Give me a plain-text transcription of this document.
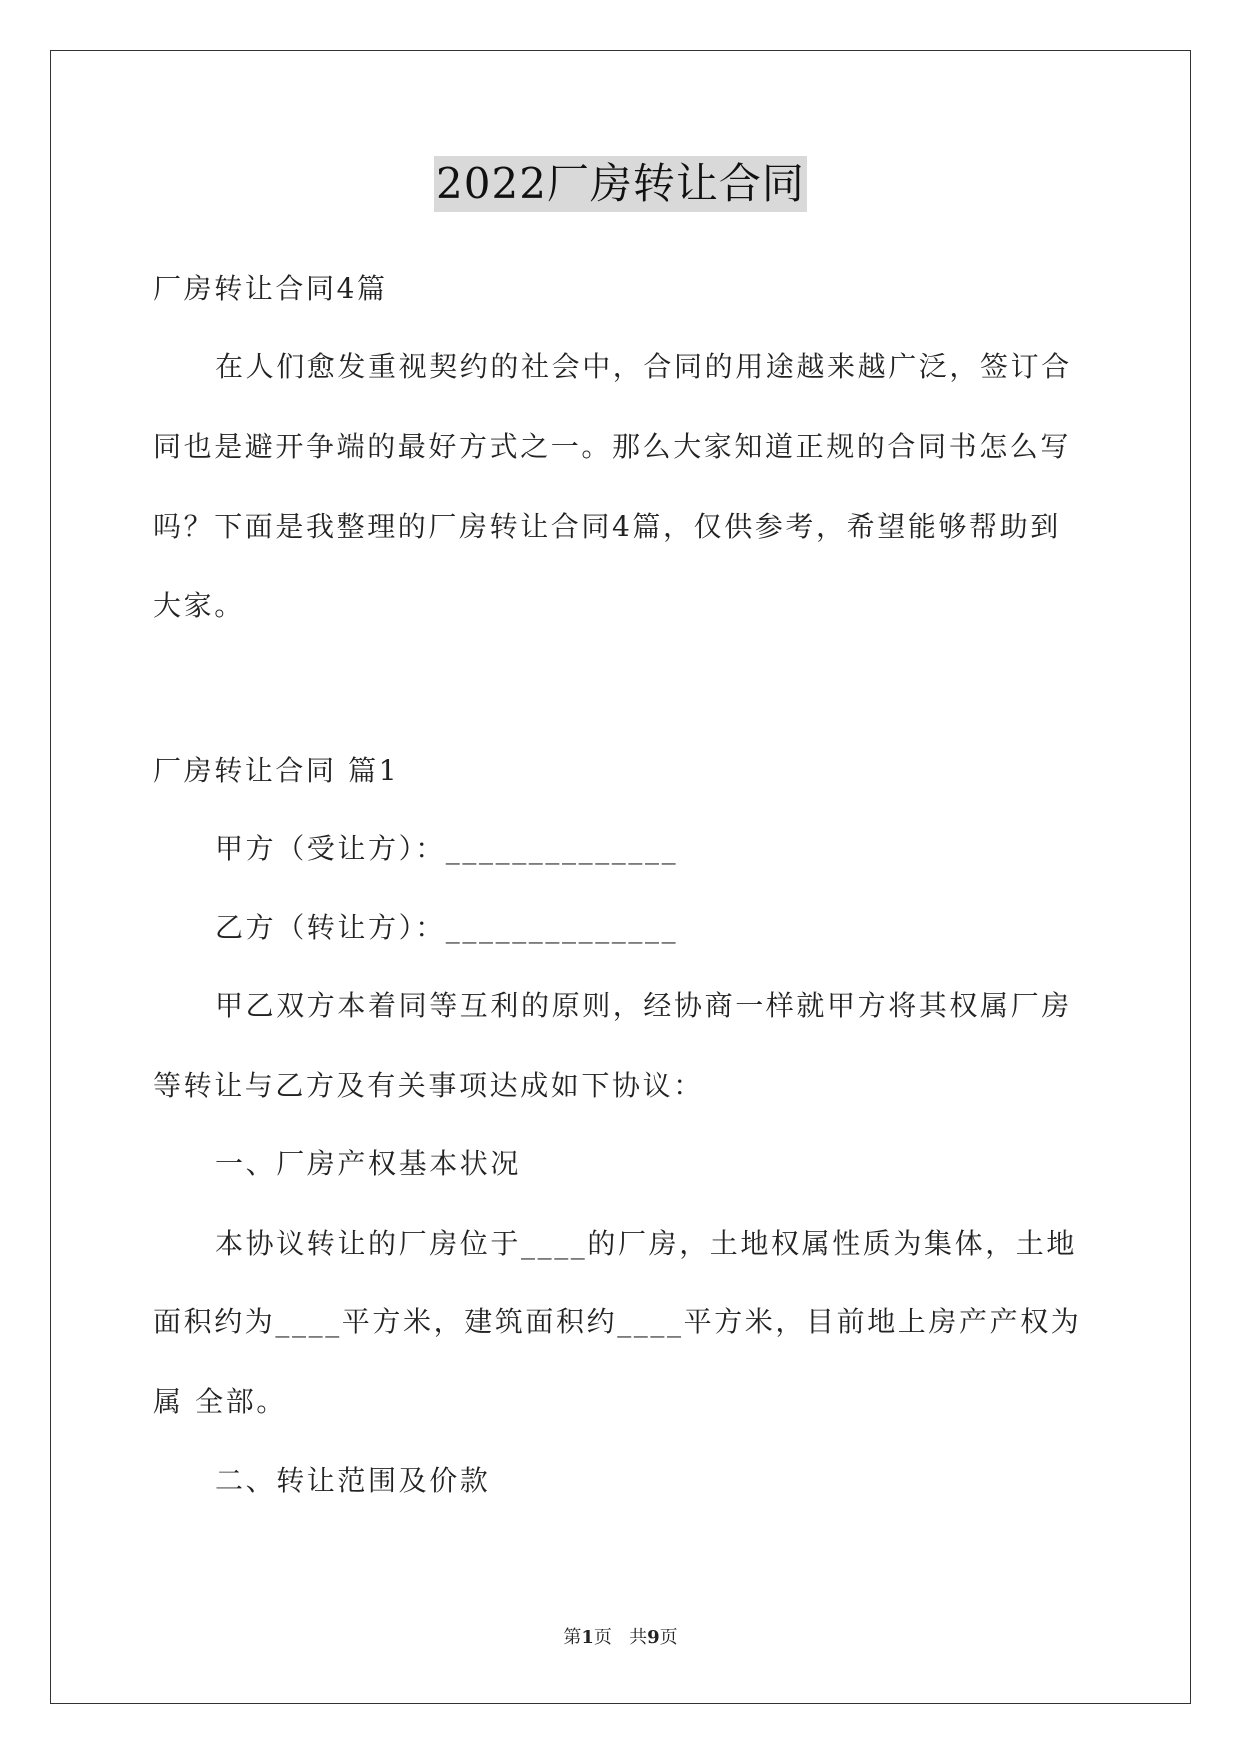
2022厂房转让合同
厂房转让合同4篇
在人们愈发重视契约的社会中，合同的用途越来越广泛，签订合
同也是避开争端的最好方式之一。那么大家知道正规的合同书怎么写
吗？下面是我整理的厂房转让合同4篇，仅供参考，希望能够帮助到
大家。
厂房转让合同 篇1
甲方（受让方）：______________
乙方（转让方）：______________
甲乙双方本着同等互利的原则，经协商一样就甲方将其权属厂房
等转让与乙方及有关事项达成如下协议：
一、厂房产权基本状况
本协议转让的厂房位于____的厂房，土地权属性质为集体，土地
面积约为____平方米，建筑面积约____平方米，目前地上房产产权为
属 全部。
二、转让范围及价款
第1页 共9页
